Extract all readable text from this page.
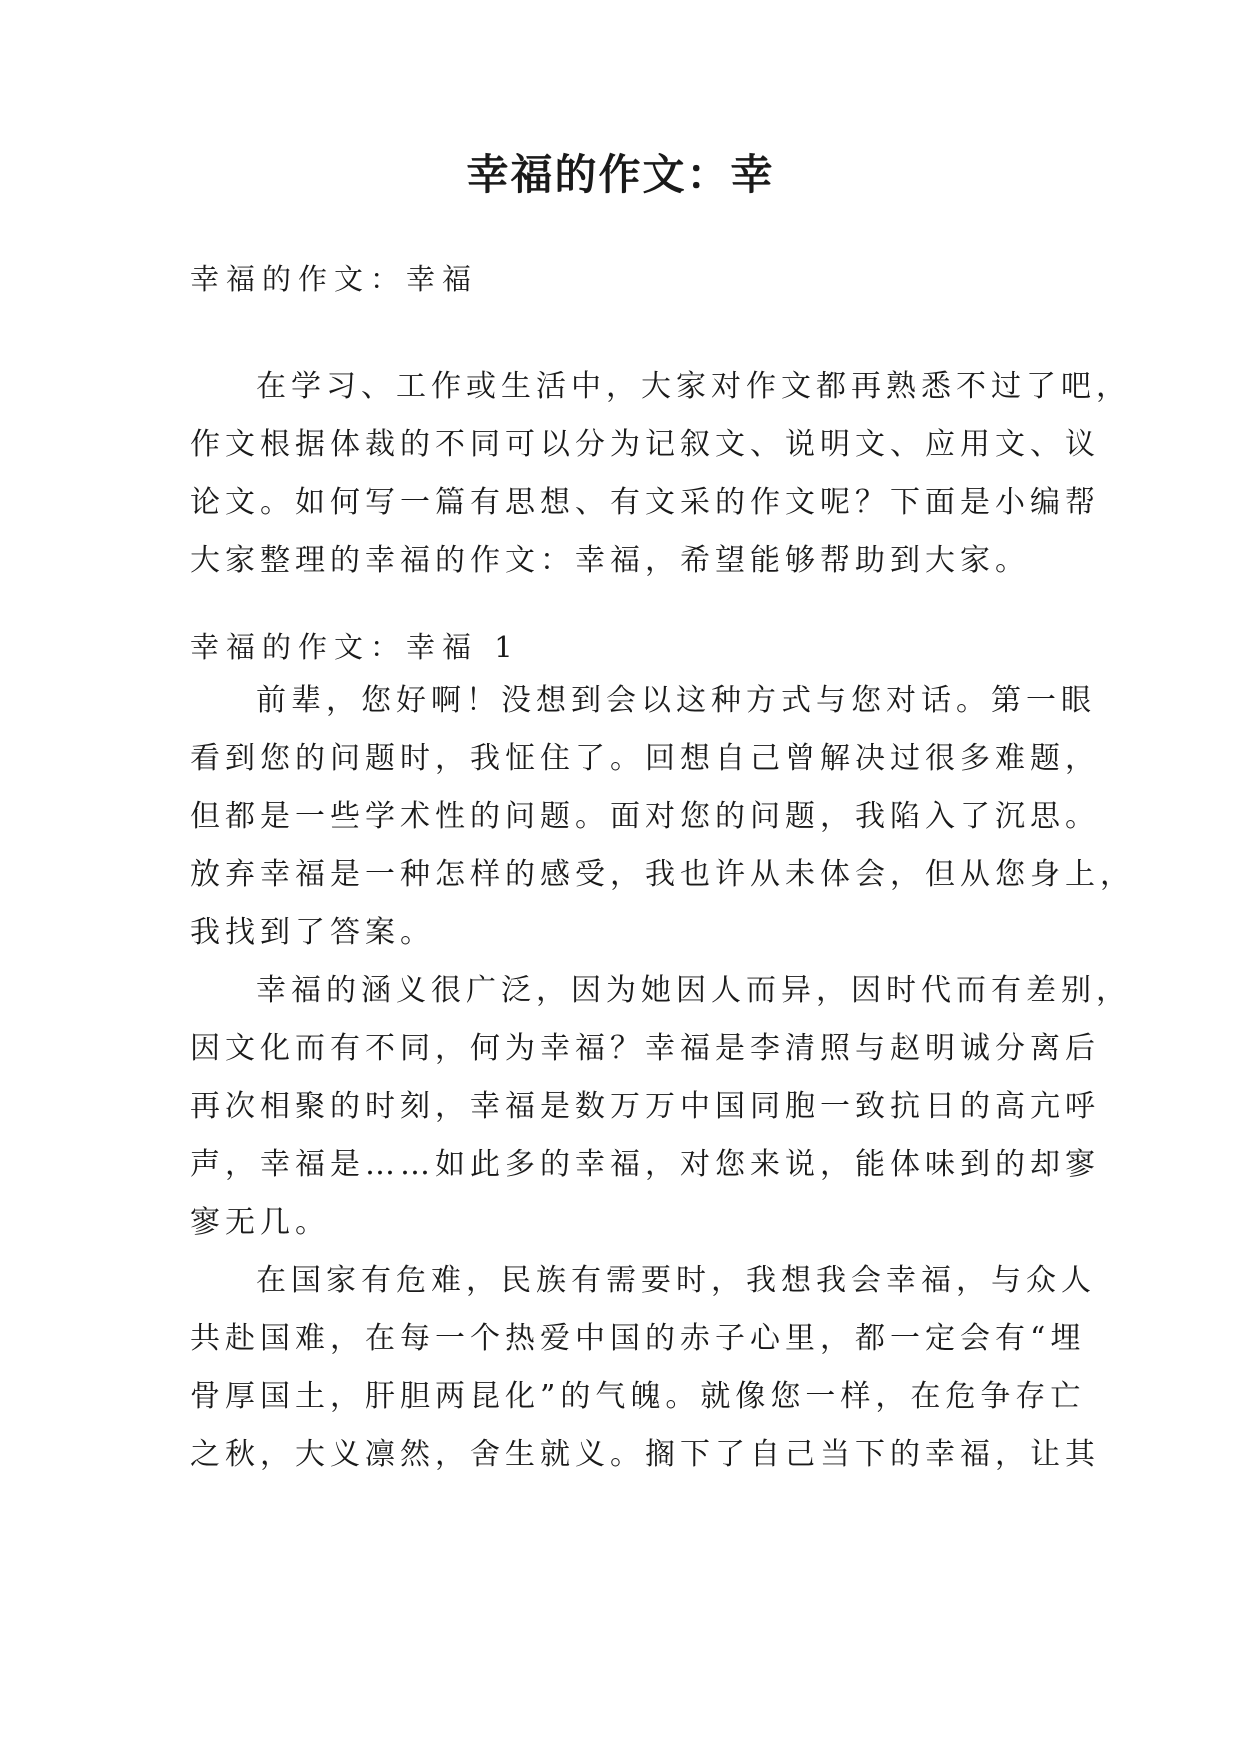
幸福的作文：幸
幸福的作文：幸福
在学习、工作或生活中，大家对作文都再熟悉不过了吧，
作文根据体裁的不同可以分为记叙文、说明文、应用文、议
论文。如何写一篇有思想、有文采的作文呢？下面是小编帮
大家整理的幸福的作文：幸福，希望能够帮助到大家。
幸福的作文：幸福 1
前辈，您好啊！没想到会以这种方式与您对话。第一眼
看到您的问题时，我怔住了。回想自己曾解决过很多难题，
但都是一些学术性的问题。面对您的问题，我陷入了沉思。
放弃幸福是一种怎样的感受，我也许从未体会，但从您身上，
我找到了答案。
幸福的涵义很广泛，因为她因人而异，因时代而有差别，
因文化而有不同，何为幸福？幸福是李清照与赵明诚分离后
再次相聚的时刻，幸福是数万万中国同胞一致抗日的高亢呼
声，幸福是……如此多的幸福，对您来说，能体味到的却寥
寥无几。
在国家有危难，民族有需要时，我想我会幸福，与众人
共赴国难，在每一个热爱中国的赤子心里，都一定会有“埋
骨厚国土，肝胆两昆化”的气魄。就像您一样，在危争存亡
之秋，大义凛然，舍生就义。搁下了自己当下的幸福，让其
